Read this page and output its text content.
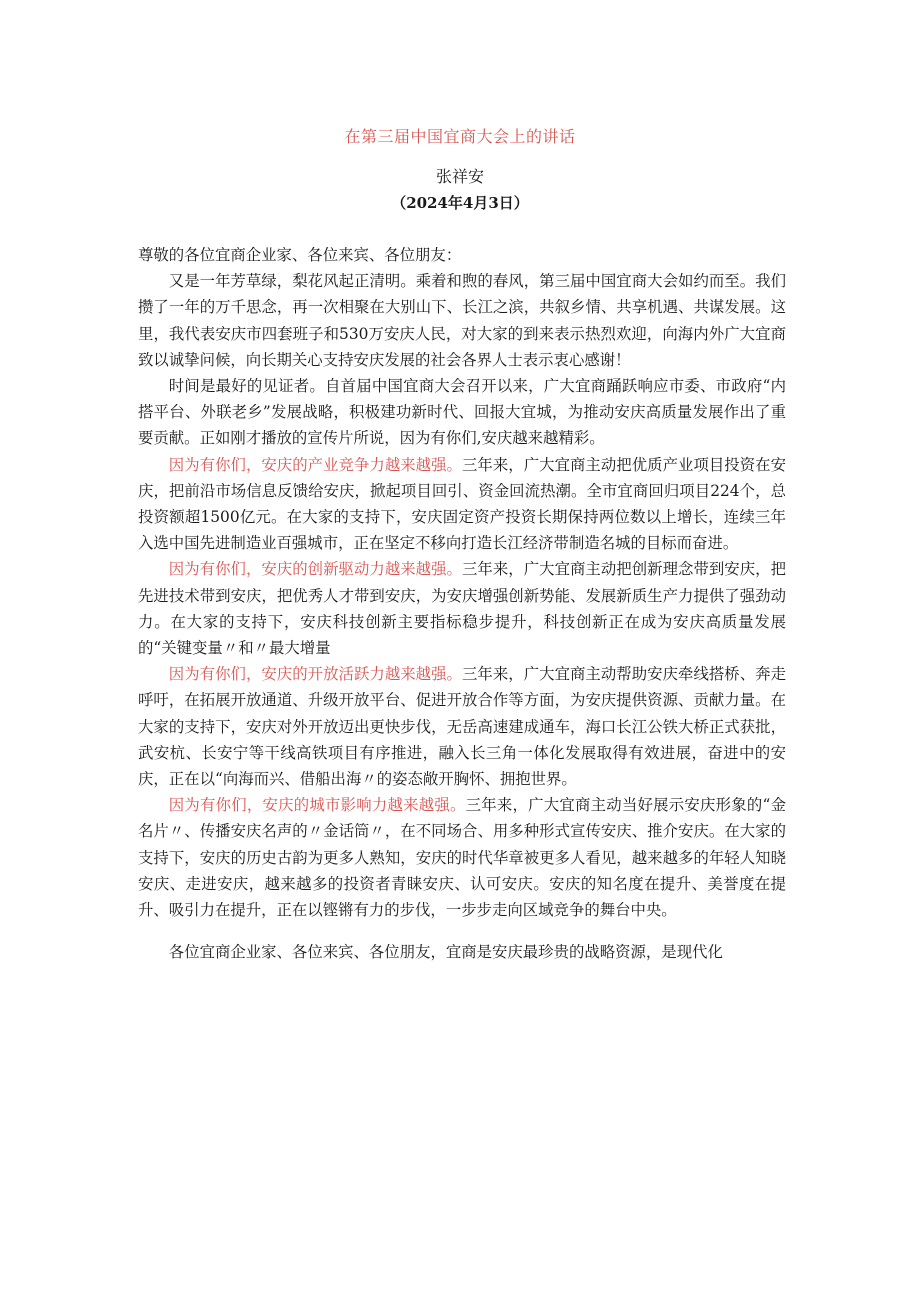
在第三届中国宜商大会上的讲话
张祥安
（2024年4月3日）

尊敬的各位宜商企业家、各位来宾、各位朋友：

又是一年芳草绿，梨花风起正清明。乘着和煦的春风，第三届中国宜商大会如约而至。我们攒了一年的万千思念，再一次相聚在大别山下、长江之滨，共叙乡情、共享机遇、共谋发展。这里，我代表安庆市四套班子和530万安庆人民，对大家的到来表示热烈欢迎，向海内外广大宜商致以诚挚问候，向长期关心支持安庆发展的社会各界人士表示衷心感谢！

时间是最好的见证者。自首届中国宜商大会召开以来，广大宜商踊跃响应市委、市政府“内搭平台、外联老乡”发展战略，积极建功新时代、回报大宜城，为推动安庆高质量发展作出了重要贡献。正如刚才播放的宣传片所说，因为有你们,安庆越来越精彩。

因为有你们，安庆的产业竞争力越来越强。三年来，广大宜商主动把优质产业项目投资在安庆，把前沿市场信息反馈给安庆，掀起项目回引、资金回流热潮。全市宜商回归项目224个，总投资额超1500亿元。在大家的支持下，安庆固定资产投资长期保持两位数以上增长，连续三年入选中国先进制造业百强城市，正在坚定不移向打造长江经济带制造名城的目标而奋进。

因为有你们，安庆的创新驱动力越来越强。三年来，广大宜商主动把创新理念带到安庆，把先进技术带到安庆，把优秀人才带到安庆，为安庆增强创新势能、发展新质生产力提供了强劲动力。在大家的支持下，安庆科技创新主要指标稳步提升，科技创新正在成为安庆高质量发展的“关键变量〃和〃最大增量

因为有你们，安庆的开放活跃力越来越强。三年来，广大宜商主动帮助安庆牵线搭桥、奔走呼吁，在拓展开放通道、升级开放平台、促进开放合作等方面，为安庆提供资源、贡献力量。在大家的支持下，安庆对外开放迈出更快步伐，无岳高速建成通车，海口长江公铁大桥正式获批，武安杭、长安宁等干线高铁项目有序推进，融入长三角一体化发展取得有效进展，奋进中的安庆，正在以“向海而兴、借船出海〃的姿态敞开胸怀、拥抱世界。

因为有你们，安庆的城市影响力越来越强。三年来，广大宜商主动当好展示安庆形象的“金名片〃、传播安庆名声的〃金话筒〃，在不同场合、用多种形式宣传安庆、推介安庆。在大家的支持下，安庆的历史古韵为更多人熟知，安庆的时代华章被更多人看见，越来越多的年轻人知晓安庆、走进安庆，越来越多的投资者青睐安庆、认可安庆。安庆的知名度在提升、美誉度在提升、吸引力在提升，正在以铿锵有力的步伐，一步步走向区域竞争的舞台中央。

各位宜商企业家、各位来宾、各位朋友，宜商是安庆最珍贵的战略资源，是现代化
